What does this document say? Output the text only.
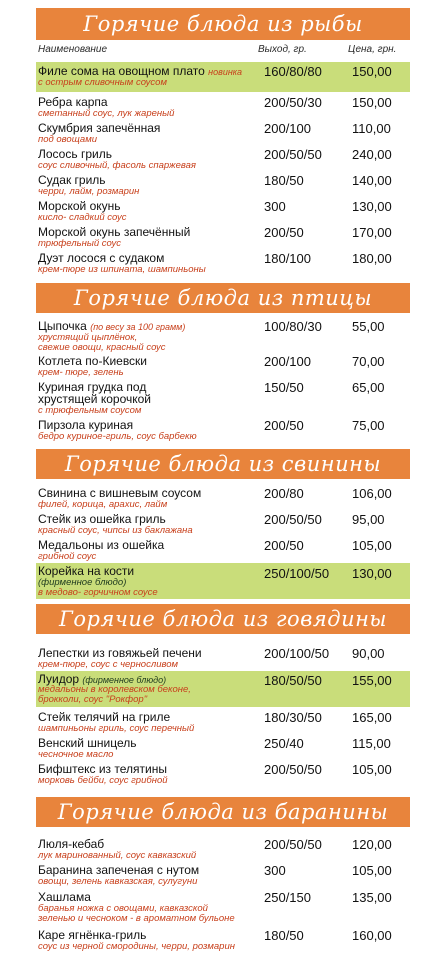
Горячие блюда из рыбы
Наименование	Выход, гр.	Цена, грн.
Филе сома на овощном плато новинка
с острым сливочным соусом
160/80/80 150,00
Ребра карпа
сметанный соус, лук жареный
200/50/30 150,00
Скумбрия запечённая
под овощами
200/100	110,00
Лосось гриль
соус сливочный, фасоль спаржевая
200/50/50 240,00
Судак гриль
черри, лайм, розмарин
180/50	140,00
Морской окунь
кисло- сладкий соус
300	130,00
Морской окунь запечённый
трюфельный соус
200/50	170,00
Дуэт лосося с судаком
крем-пюре из шпината, шампиньоны
180/100	180,00
Горячие блюда из птицы
Цыпочка (по весу за 100 грамм)
хрустящий цыплёнок,
свежие овощи, красный соус
100/80/30 55,00
Котлета по-Киевски
крем- пюре, зелень
200/100	70,00
Куриная грудка под
хрустящей корочкой
с трюфельным соусом
150/50	65,00
Пирзола куриная
бедро куриное-гриль, соус барбекю
200/50	75,00
Горячие блюда из свинины
Свинина с вишневым соусом
филей, корица, арахис, лайм
200/80	106,00
Стейк из ошейка гриль
красный соус, чипсы из баклажана
200/50/50 95,00
Медальоны из ошейка
грибной соус
200/50	105,00
Корейка на кости
(фирменное блюдо)
в медово- горчичном соусе
250/100/50 130,00
Горячие блюда из говядины
Лепестки из говяжьей печени
крем-пюре, соус с черносливом
200/100/50 90,00
Луидор (фирменное блюдо)
медальоны в королевском беконе,
брокколи, соус "Рокфор"
180/50/50 155,00
Стейк телячий на гриле
шампиньоны гриль, соус перечный
180/30/50 165,00
Венский шницель
чесночное масло
250/40	115,00
Бифштекс из телятины
морковь бейби, соус грибной
200/50/50 105,00
Горячие блюда из баранины
Люля-кебаб
лук маринованный, соус кавказский
200/50/50 120,00
Баранина запеченая с нутом
овощи, зелень кавказская, сулугуни
300	105,00
Хашлама
баранья ножка с овощами, кавказской
зеленью и чесноком - в ароматном бульоне
250/150	135,00
Каре ягнёнка-гриль
соус из черной смородины, черри, розмарин
180/50	160,00
